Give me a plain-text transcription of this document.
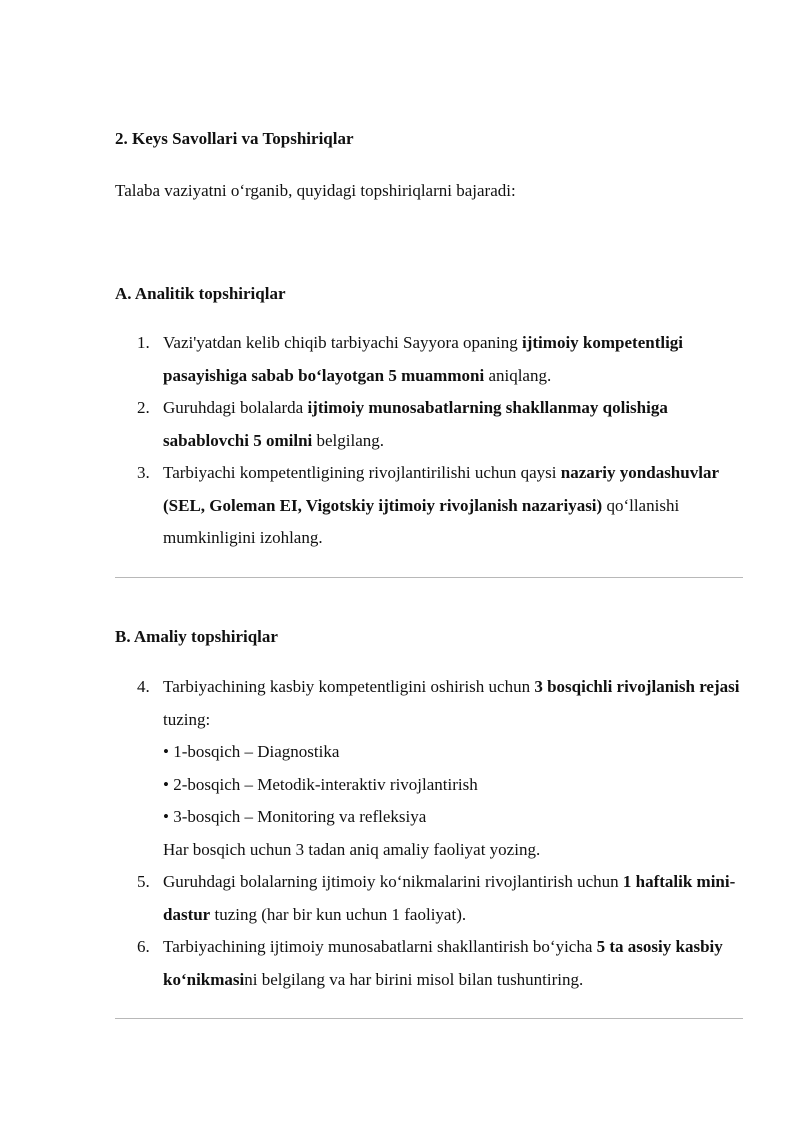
2. Keys Savollari va Topshiriqlar
Talaba vaziyatni o‘rganib, quyidagi topshiriqlarni bajaradi:
A. Analitik topshiriqlar
1. Vazi'yatdan kelib chiqib tarbiyachi Sayyora opaning ijtimoiy kompetentligi pasayishiga sabab bo‘layotgan 5 muammoni aniqlang.
2. Guruhdagi bolalarda ijtimoiy munosabatlarning shakllanmay qolishiga sabablovchi 5 omilni belgilang.
3. Tarbiyachi kompetentligining rivojlantirilishi uchun qaysi nazariy yondashuvlar (SEL, Goleman EI, Vigotskiy ijtimoiy rivojlanish nazariyasi) qo‘llanishi mumkinligini izohlang.
B. Amaliy topshiriqlar
4. Tarbiyachining kasbiy kompetentligini oshirish uchun 3 bosqichli rivojlanish rejasi tuzing:
• 1-bosqich – Diagnostika
• 2-bosqich – Metodik-interaktiv rivojlantirish
• 3-bosqich – Monitoring va refleksiya
Har bosqich uchun 3 tadan aniq amaliy faoliyat yozing.
5. Guruhdagi bolalarning ijtimoiy ko‘nikmalarini rivojlantirish uchun 1 haftalik mini-dastur tuzing (har bir kun uchun 1 faoliyat).
6. Tarbiyachining ijtimoiy munosabatlarni shakllantirish bo‘yicha 5 ta asosiy kasbiy ko‘nikmasini belgilang va har birini misol bilan tushuntiring.
